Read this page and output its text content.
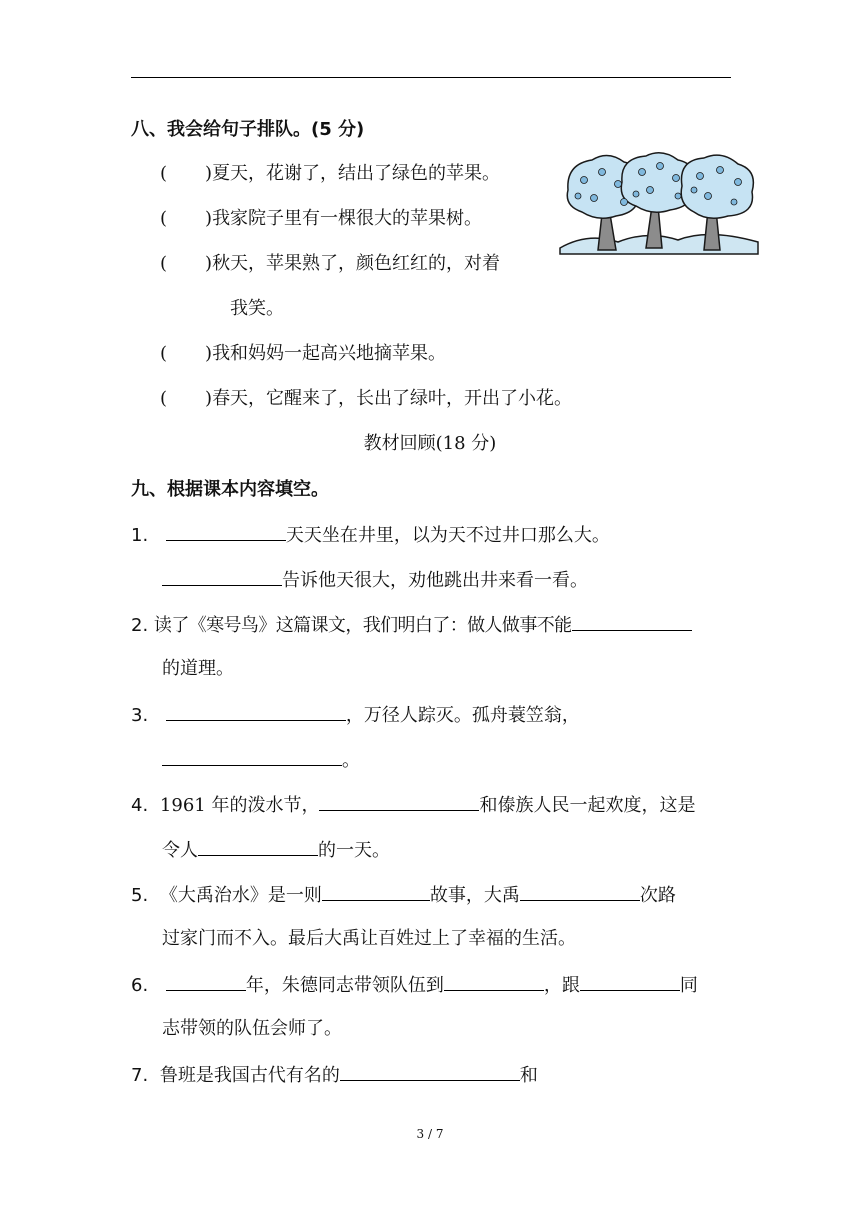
八、我会给句子排队。(5 分)
( )夏天，花谢了，结出了绿色的苹果。
( )我家院子里有一棵很大的苹果树。
( )秋天，苹果熟了，颜色红红的，对着
我笑。
( )我和妈妈一起高兴地摘苹果。
( )春天，它醒来了，长出了绿叶，开出了小花。
教材回顾(18 分)
九、根据课本内容填空。
1.	天天坐在井里，以为天不过井口那么大。
告诉他天很大，劝他跳出井来看一看。
2. 读了《寒号鸟》这篇课文，我们明白了：做人做事不能
的道理。
3.	，万径人踪灭。孤舟蓑笠翁，
。
4. 1961 年的泼水节，	和傣族人民一起欢度，这是
令人	的一天。
5. 《大禹治水》是一则	故事，大禹	次路
过家门而不入。最后大禹让百姓过上了幸福的生活。
6.	年，朱德同志带领队伍到	，跟	同
志带领的队伍会师了。
7. 鲁班是我国古代有名的	和
3 / 7
